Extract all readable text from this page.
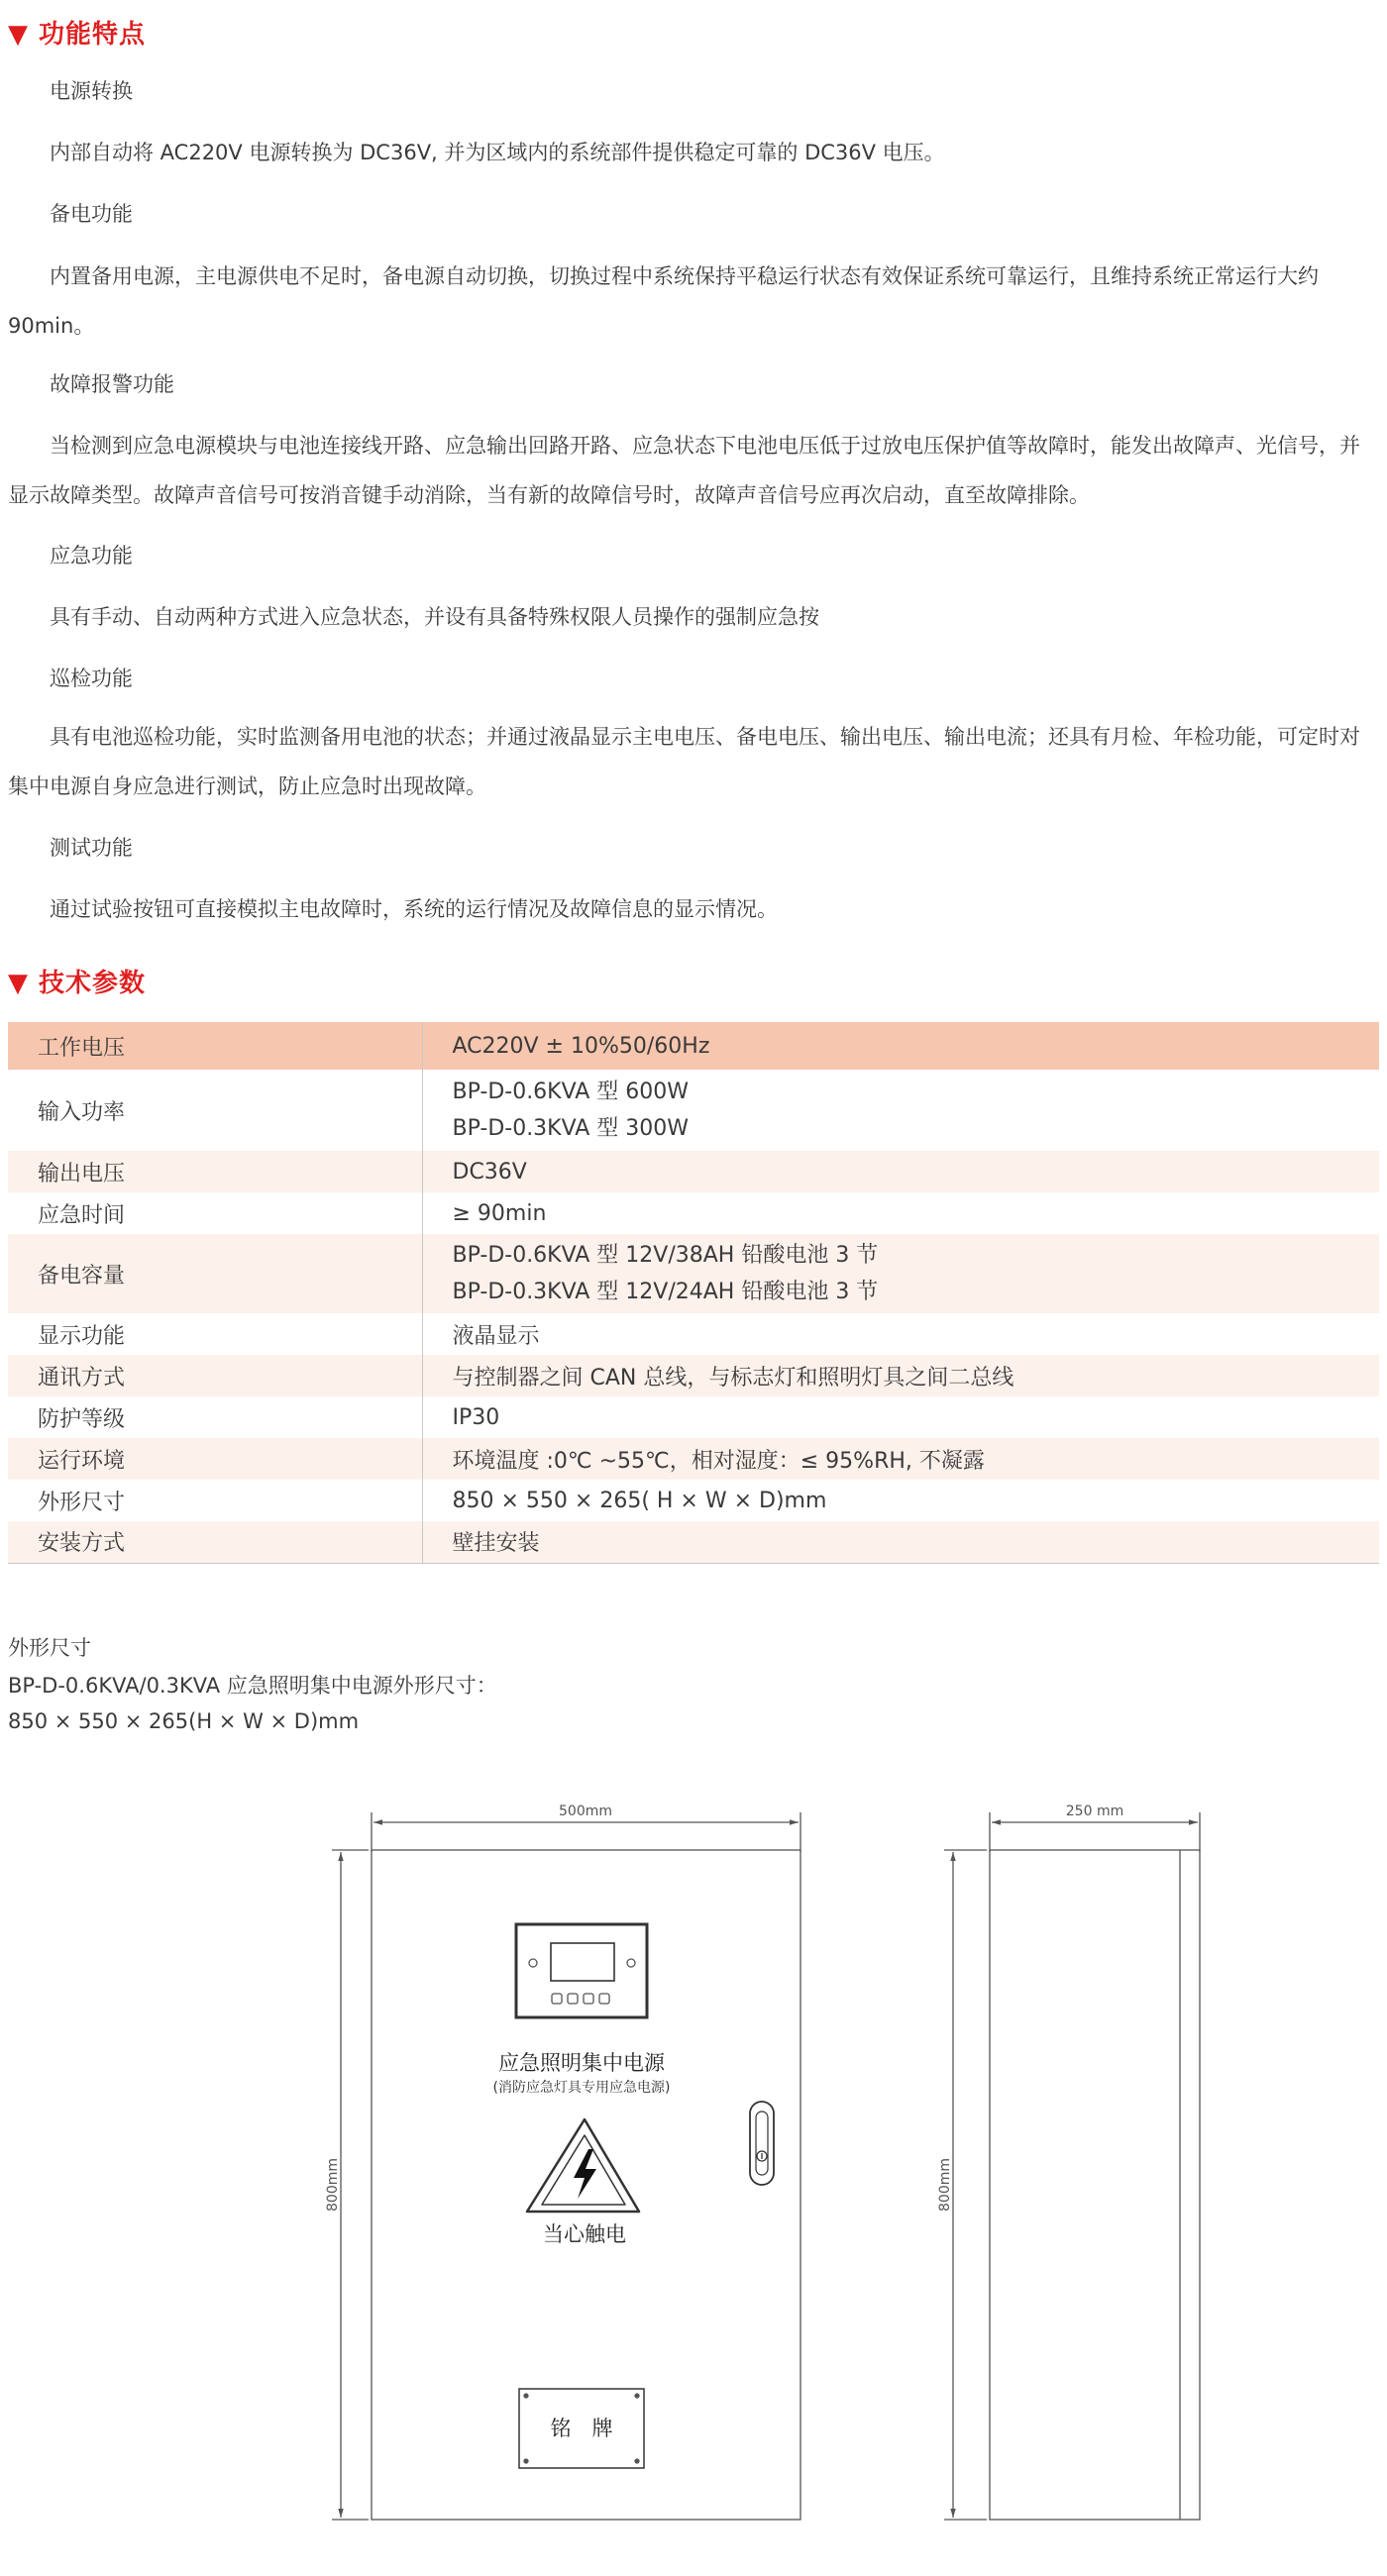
▼ 功能特点
电源转换
内部自动将 AC220V 电源转换为 DC36V, 并为区域内的系统部件提供稳定可靠的 DC36V 电压。
备电功能
内置备用电源，主电源供电不足时，备电源自动切换，切换过程中系统保持平稳运行状态有效保证系统可靠运行，且维持系统正常运行大约 90min。
故障报警功能
当检测到应急电源模块与电池连接线开路、应急输出回路开路、应急状态下电池电压低于过放电压保护值等故障时，能发出故障声、光信号，并显示故障类型。故障声音信号可按消音键手动消除，当有新的故障信号时，故障声音信号应再次启动，直至故障排除。
应急功能
具有手动、自动两种方式进入应急状态，并设有具备特殊权限人员操作的强制应急按
巡检功能
具有电池巡检功能，实时监测备用电池的状态；并通过液晶显示主电电压、备电电压、输出电压、输出电流；还具有月检、年检功能，可定时对集中电源自身应急进行测试，防止应急时出现故障。
测试功能
通过试验按钮可直接模拟主电故障时，系统的运行情况及故障信息的显示情况。
▼ 技术参数
工作电压	AC220V ± 10%50/60Hz
输入功率	BP-D-0.6KVA 型 600W
BP-D-0.3KVA 型 300W

输出电压	DC36V
应急时间	≥ 90min
备电容量	BP-D-0.6KVA 型 12V/38AH 铅酸电池 3 节
BP-D-0.3KVA 型 12V/24AH 铅酸电池 3 节

显示功能	液晶显示
通讯方式	与控制器之间 CAN 总线，与标志灯和照明灯具之间二总线
防护等级	IP30
运行环境	环境温度 :0℃ ~55℃，相对湿度：≤ 95%RH, 不凝露
外形尺寸	850 × 550 × 265( H × W × D)mm
安装方式	壁挂安装
外形尺寸
BP-D-0.6KVA/0.3KVA 应急照明集中电源外形尺寸：
850 × 550 × 265(H × W × D)mm
500mm
800mm
250 mm
800mm
应急照明集中电源
(消防应急灯具专用应急电源)
当心触电
铭　牌
